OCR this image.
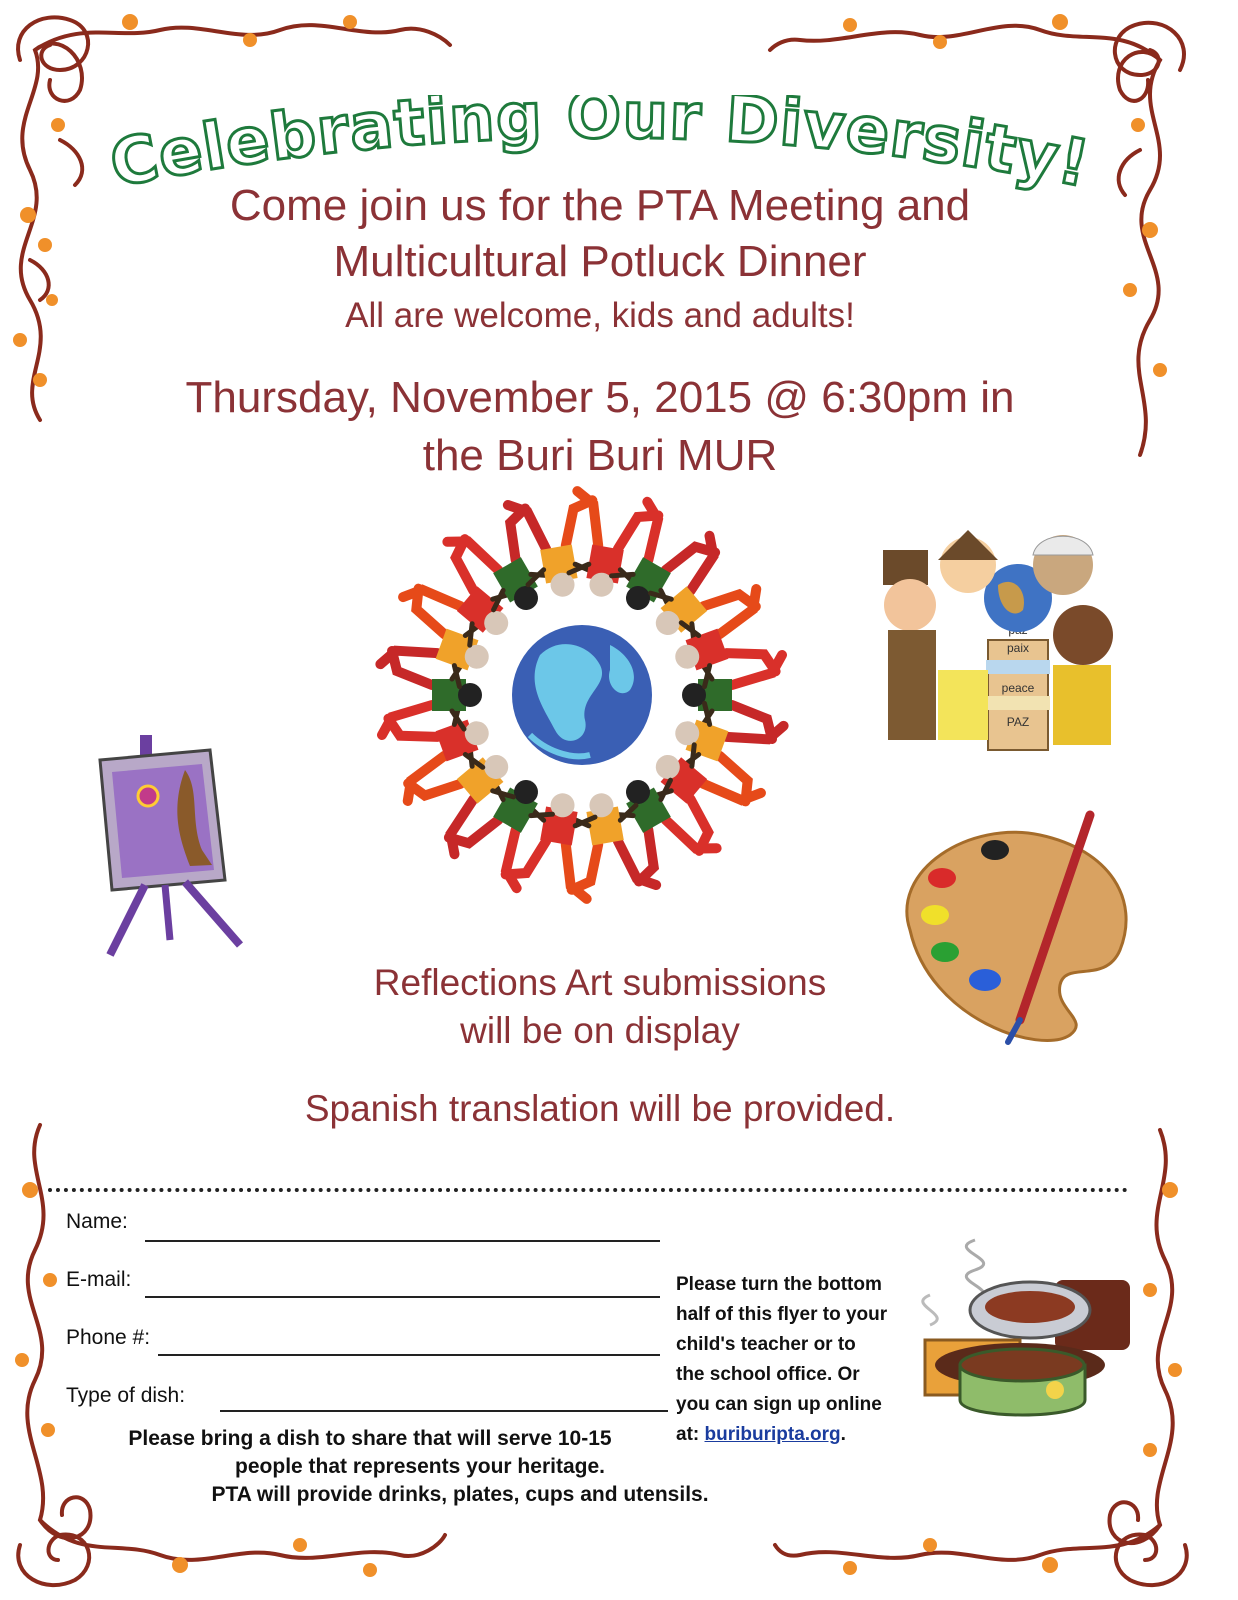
Celebrating Our Diversity!
Come join us for the PTA Meeting and
Multicultural Potluck Dinner
All are welcome, kids and adults!
Thursday, November 5, 2015 @ 6:30pm in
the Buri Buri MUR
paix
peace
PAZ
Reflections Art submissions
will be on display
Spanish translation will be provided.
Name:
E-mail:
Phone #:
Type of dish:
Please turn the bottom
half of this flyer to your
child's teacher or to
the school office. Or
you can sign up online
at: buriburipta.org.
Please bring a dish to share that will serve 10-15
people that represents your heritage.
PTA will provide drinks, plates, cups and utensils.
